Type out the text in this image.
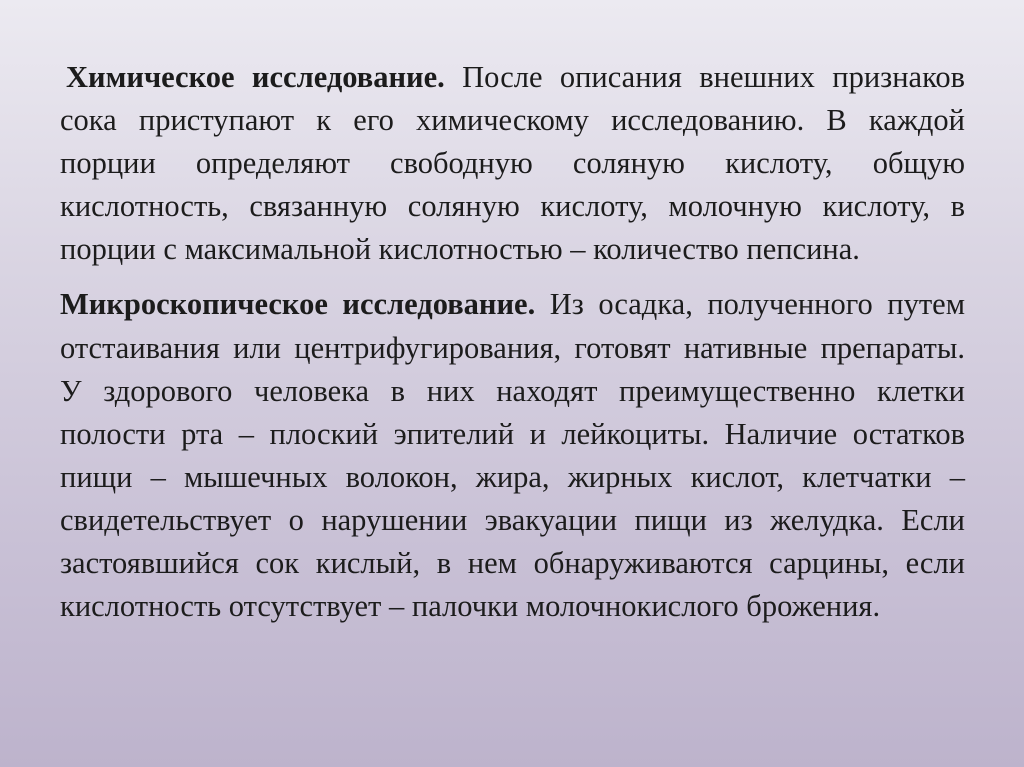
Химическое исследование. После описания внешних признаков сока приступают к его химическому исследованию. В каждой порции определяют свободную соляную кислоту, общую кислотность, связанную соляную кислоту, молочную кислоту, в порции с максимальной кислотностью – количество пепсина.

Микроскопическое исследование. Из осадка, полученного путем отстаивания или центрифугирования, готовят нативные препараты. У здорового человека в них находят преимущественно клетки полости рта – плоский эпителий и лейкоциты. Наличие остатков пищи – мышечных волокон, жира, жирных кислот, клетчатки – свидетельствует о нарушении эвакуации пищи из желудка. Если застоявшийся сок кислый, в нем обнаруживаются сарцины, если кислотность отсутствует – палочки молочнокислого брожения.
